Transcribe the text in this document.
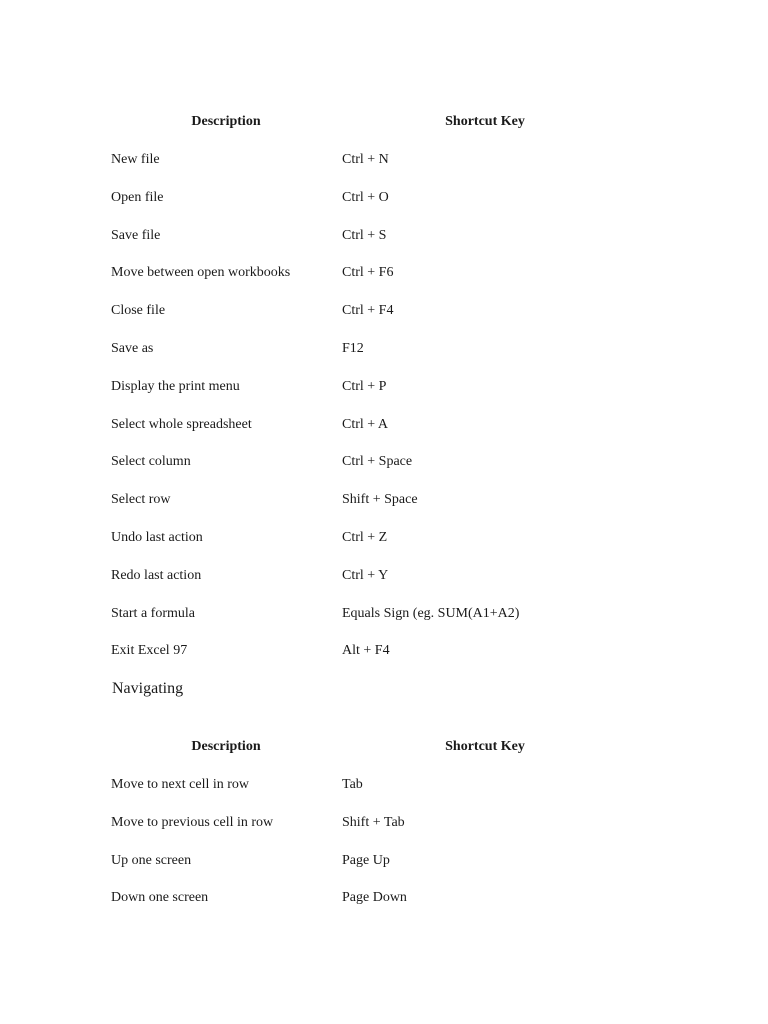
Description	Shortcut Key
New file	Ctrl + N
Open file	Ctrl + O
Save file	Ctrl + S
Move between open workbooks	Ctrl + F6
Close file	Ctrl + F4
Save as	F12
Display the print menu	Ctrl + P
Select whole spreadsheet	Ctrl + A
Select column	Ctrl + Space
Select row	Shift + Space
Undo last action	Ctrl + Z
Redo last action	Ctrl + Y
Start a formula	Equals Sign (eg. SUM(A1+A2)
Exit Excel 97	Alt + F4
Navigating
Description	Shortcut Key
Move to next cell in row	Tab
Move to previous cell in row	Shift + Tab
Up one screen	Page Up
Down one screen	Page Down
